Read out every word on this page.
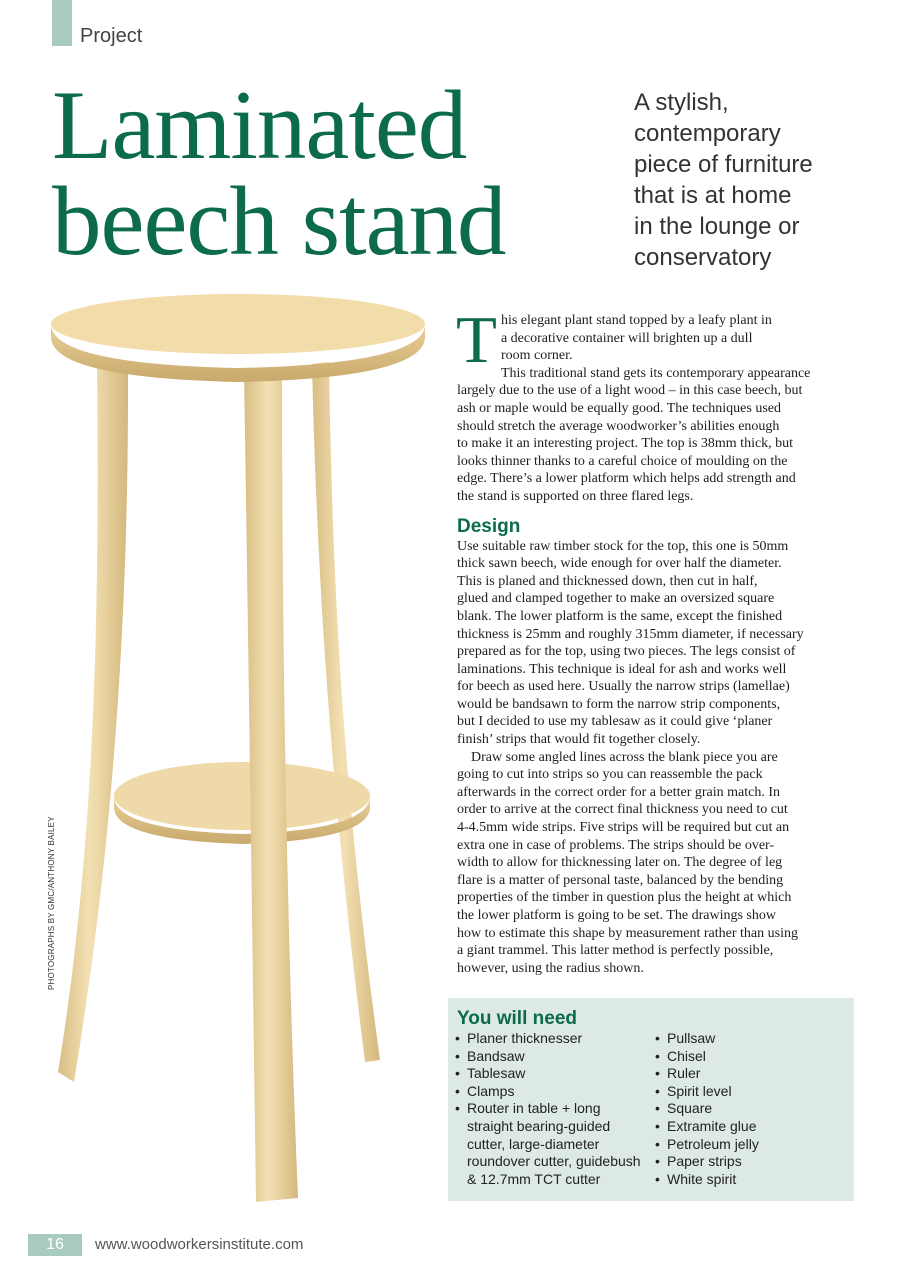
Project
Laminated
beech stand
A stylish,
contemporary
piece of furniture
that is at home
in the lounge or
conservatory
PHOTOGRAPHS BY GMC/ANTHONY BAILEY

T his elegant plant stand topped by a leafy plant in
a decorative container will brighten up a dull
room corner.
This traditional stand gets its contemporary appearance
largely due to the use of a light wood – in this case beech, but
ash or maple would be equally good. The techniques used
should stretch the average woodworker’s abilities enough
to make it an interesting project. The top is 38mm thick, but
looks thinner thanks to a careful choice of moulding on the
edge. There’s a lower platform which helps add strength and
the stand is supported on three flared legs.

Design

Use suitable raw timber stock for the top, this one is 50mm
thick sawn beech, wide enough for over half the diameter.
This is planed and thicknessed down, then cut in half,
glued and clamped together to make an oversized square
blank. The lower platform is the same, except the finished
thickness is 25mm and roughly 315mm diameter, if necessary
prepared as for the top, using two pieces. The legs consist of
laminations. This technique is ideal for ash and works well
for beech as used here. Usually the narrow strips (lamellae)
would be bandsawn to form the narrow strip components,
but I decided to use my tablesaw as it could give ‘planer
finish’ strips that would fit together closely.
Draw some angled lines across the blank piece you are
going to cut into strips so you can reassemble the pack
afterwards in the correct order for a better grain match. In
order to arrive at the correct final thickness you need to cut
4-4.5mm wide strips. Five strips will be required but cut an
extra one in case of problems. The strips should be over-
width to allow for thicknessing later on. The degree of leg
flare is a matter of personal taste, balanced by the bending
properties of the timber in question plus the height at which
the lower platform is going to be set. The drawings show
how to estimate this shape by measurement rather than using
a giant trammel. This latter method is perfectly possible,
however, using the radius shown.

You will need
• Planer thicknesser
• Bandsaw
• Tablesaw
• Clamps
• Router in table + long
straight bearing-guided
cutter, large-diameter
roundover cutter, guidebush
& 12.7mm TCT cutter
• Pullsaw
• Chisel
• Ruler
• Spirit level
• Square
• Extramite glue
• Petroleum jelly
• Paper strips
• White spirit
16	www.woodworkersinstitute.com
